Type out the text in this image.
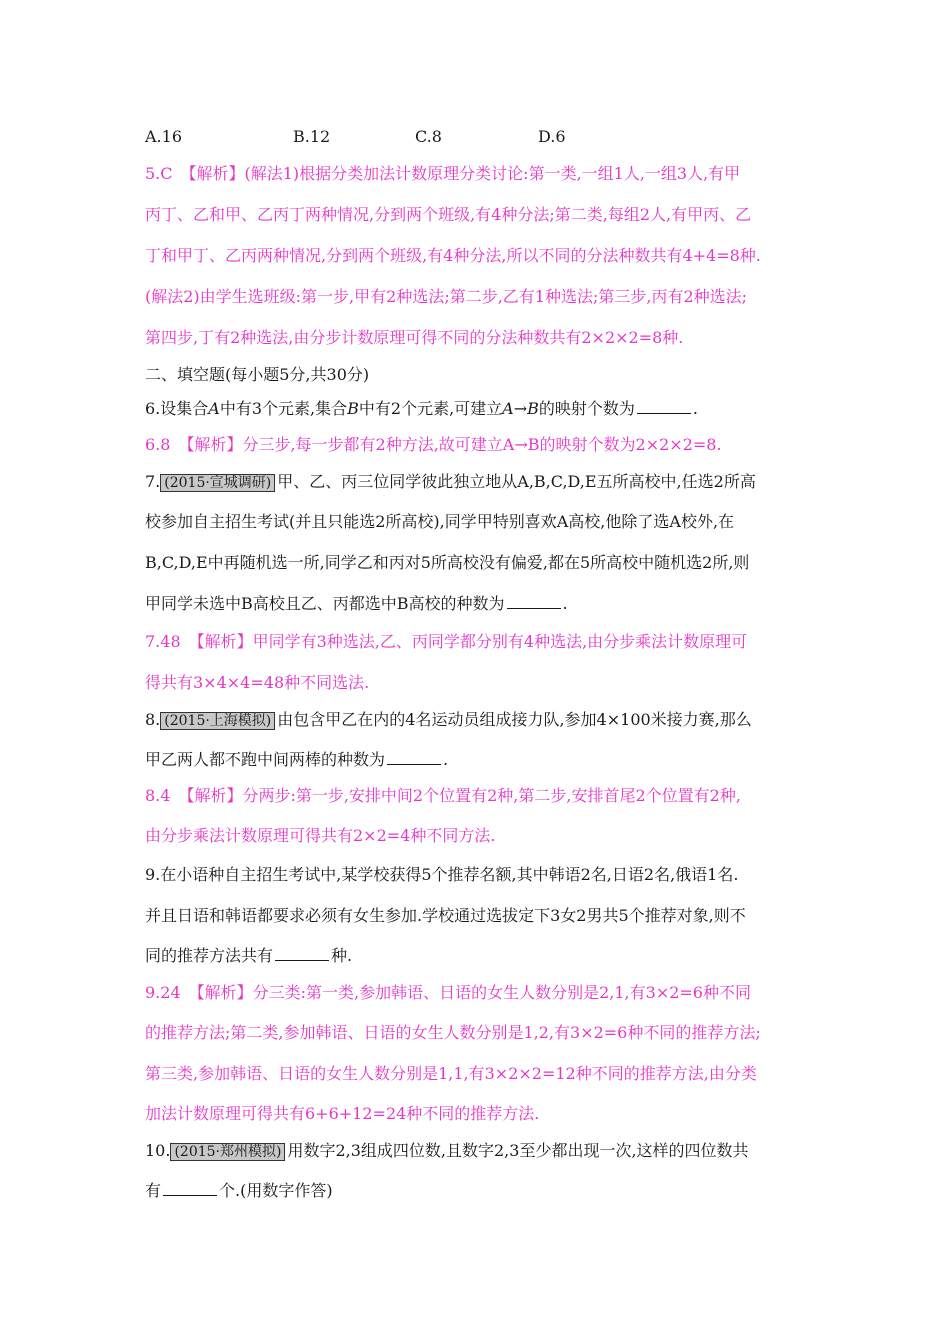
A.16	B.12	C.8	D.6
5.C　【解析】(解法1)根据分类加法计数原理分类讨论:第一类,一组1人,一组3人,有甲
丙丁、乙和甲、乙丙丁两种情况,分到两个班级,有4种分法;第二类,每组2人,有甲丙、乙
丁和甲丁、乙丙两种情况,分到两个班级,有4种分法,所以不同的分法种数共有4+4=8种.
(解法2)由学生选班级:第一步,甲有2种选法;第二步,乙有1种选法;第三步,丙有2种选法;
第四步,丁有2种选法,由分步计数原理可得不同的分法种数共有2×2×2=8种.
二、填空题(每小题5分,共30分)
6.设集合A中有3个元素,集合B中有2个元素,可建立A→B的映射个数为	.
6.8　【解析】分三步,每一步都有2种方法,故可建立A→B的映射个数为2×2×2=8.
7. (2015·宣城调研) 甲、乙、丙三位同学彼此独立地从A,B,C,D,E五所高校中,任选2所高
校参加自主招生考试(并且只能选2所高校),同学甲特别喜欢A高校,他除了选A校外,在
B,C,D,E中再随机选一所,同学乙和丙对5所高校没有偏爱,都在5所高校中随机选2所,则
甲同学未选中B高校且乙、丙都选中B高校的种数为	.
7.48　【解析】甲同学有3种选法,乙、丙同学都分别有4种选法,由分步乘法计数原理可
得共有3×4×4=48种不同选法.
8. (2015·上海模拟) 由包含甲乙在内的4名运动员组成接力队,参加4×100米接力赛,那么
甲乙两人都不跑中间两棒的种数为	.
8.4　【解析】分两步:第一步,安排中间2个位置有2种,第二步,安排首尾2个位置有2种,
由分步乘法计数原理可得共有2×2=4种不同方法.
9.在小语种自主招生考试中,某学校获得5个推荐名额,其中韩语2名,日语2名,俄语1名.
并且日语和韩语都要求必须有女生参加.学校通过选拔定下3女2男共5个推荐对象,则不
同的推荐方法共有	种.
9.24　【解析】分三类:第一类,参加韩语、日语的女生人数分别是2,1,有3×2=6种不同
的推荐方法;第二类,参加韩语、日语的女生人数分别是1,2,有3×2=6种不同的推荐方法;
第三类,参加韩语、日语的女生人数分别是1,1,有3×2×2=12种不同的推荐方法,由分类
加法计数原理可得共有6+6+12=24种不同的推荐方法.
10. (2015·郑州模拟) 用数字2,3组成四位数,且数字2,3至少都出现一次,这样的四位数共
有	个.(用数字作答)
